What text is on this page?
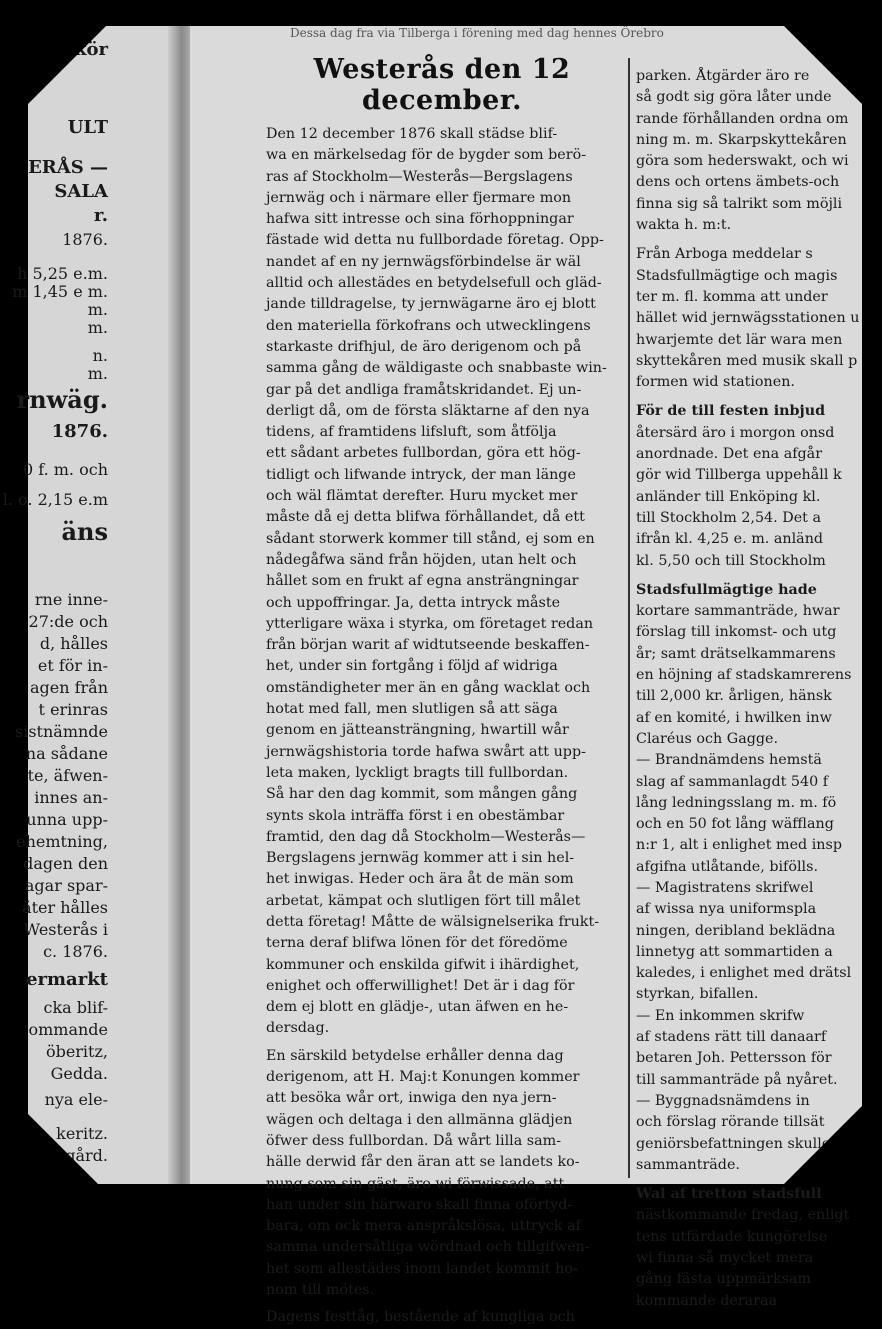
kör
ULT
ERÅS —
SALA
r.
1876.
h 5,25 e.m.
m 1,45 e m.
m.
m.
n.
m.
rnwäg.
1876.
0 f. m. och
l. o. 2,15 e.m
äns
rne inne-
27:de och
d, hålles
et för in-
agen från
t erinras
sistnämnde
na sådane
te, äfwen-
innes an-
unna upp-
ehemtning,
dagen den
agar spar-
äter hålles
Westerås i
c. 1876.
ermarkt
cka blif-
ommande
öberitz,
Gedda.
nya ele-
keritz.
ls gård.
Dessa dag fra via Tilberga i förening med dag hennes Örebro
Westerås den 12 december.
Den 12 december 1876 skall städse blif-
wa en märkelsedag för de bygder som berö-
ras af Stockholm—Westerås—Bergslagens
jernwäg och i närmare eller fjermare mon
hafwa sitt intresse och sina förhoppningar
fästade wid detta nu fullbordade företag. Opp-
nandet af en ny jernwägsförbindelse är wäl
alltid och allestädes en betydelsefull och gläd-
jande tilldragelse, ty jernwägarne äro ej blott
den materiella förkofrans och utwecklingens
starkaste drifhjul, de äro derigenom och på
samma gång de wäldigaste och snabbaste win-
gar på det andliga framåtskridandet. Ej un-
derligt då, om de första släktarne af den nya
tidens, af framtidens lifsluft, som åtfölja
ett sådant arbetes fullbordan, göra ett hög-
tidligt och lifwande intryck, der man länge
och wäl flämtat derefter. Huru mycket mer
måste då ej detta blifwa förhållandet, då ett
sådant storwerk kommer till stånd, ej som en
nådegåfwa sänd från höjden, utan helt och
hållet som en frukt af egna ansträngningar
och uppoffringar. Ja, detta intryck måste
ytterligare wäxa i styrka, om företaget redan
från början warit af widtutseende beskaffen-
het, under sin fortgång i följd af widriga
omständigheter mer än en gång wacklat och
hotat med fall, men slutligen så att säga
genom en jätteansträngning, hwartill wår
jernwägshistoria torde hafwa swårt att upp-
leta maken, lyckligt bragts till fullbordan.
Så har den dag kommit, som mången gång
synts skola inträffa först i en obestämbar
framtid, den dag då Stockholm—Westerås—
Bergslagens jernwäg kommer att i sin hel-
het inwigas. Heder och ära åt de män som
arbetat, kämpat och slutligen fört till målet
detta företag! Måtte de wälsignelserika frukt-
terna deraf blifwa lönen för det föredöme
kommuner och enskilda gifwit i ihärdighet,
enighet och offerwillighet! Det är i dag för
dem ej blott en glädje-, utan äfwen en he-
dersdag.
En särskild betydelse erhåller denna dag
derigenom, att H. Maj:t Konungen kommer
att besöka wår ort, inwiga den nya jern-
wägen och deltaga i den allmänna glädjen
öfwer dess fullbordan. Då wårt lilla sam-
hälle derwid får den äran att se landets ko-
nung som sin gäst, äro wi förwissade, att
han under sin härwaro skall finna oförtyd-
bara, om ock mera anspråkslösa, uttryck af
samma undersåtliga wördnad och tillgifwen-
het som allestädes inom landet kommit ho-
nom till mötes.
Dagens festtåg, bestående af kungliga och
parken. Åtgärder äro re
så godt sig göra låter unde
rande förhållanden ordna om
ning m. m. Skarpskyttekåren
göra som hederswakt, och wi
dens och ortens ämbets-och
finna sig så talrikt som möjli
wakta h. m:t.
Från Arboga meddelar s
Stadsfullmägtige och magis
ter m. fl. komma att under
hället wid jernwägsstationen u
hwarjemte det lär wara men
skyttekåren med musik skall p
formen wid stationen.
För de till festen inbjud
återsärd äro i morgon onsd
anordnade. Det ena afgår
gör wid Tillberga uppehåll k
anländer till Enköping kl.
till Stockholm 2,54. Det a
ifrån kl. 4,25 e. m. anländ
kl. 5,50 och till Stockholm
Stadsfullmägtige hade
kortare sammanträde, hwar
förslag till inkomst- och utg
år; samt drätselkammarens
en höjning af stadskamrerens
till 2,000 kr. årligen, hänsk
af en komité, i hwilken inw
Claréus och Gagge.
— Brandnämdens hemstä
slag af sammanlagdt 540 f
lång ledningsslang m. m. fö
och en 50 fot lång wäfflang
n:r 1, alt i enlighet med insp
afgifna utlåtande, bifölls.
— Magistratens skrifwel
af wissa nya uniformspla
ningen, deribland beklädna
linnetyg att sommartiden a
kaledes, i enlighet med drätsl
styrkan, bifallen.
— En inkommen skrifw
af stadens rätt till danaarf
betaren Joh. Pettersson för
till sammanträde på nyåret.
— Byggnadsnämdens in
och förslag rörande tillsät
geniörsbefattningen skulle
sammanträde.
Wal af tretton stadsfull
nästkommande fredag, enligt
tens utfärdade kungörelse
wi finna så mycket mera
gång fästa uppmärksam
kommande deraraa
